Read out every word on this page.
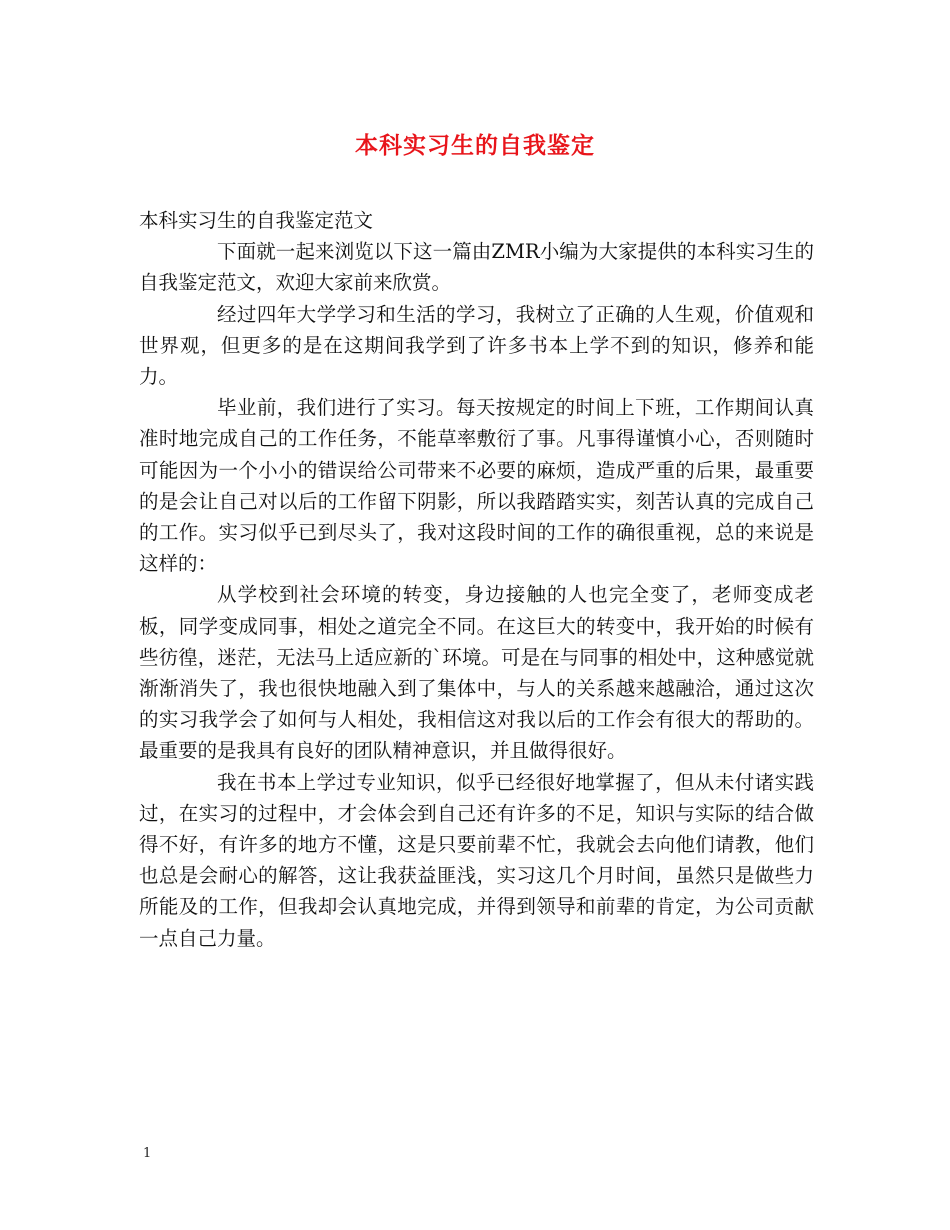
本科实习生的自我鉴定

本科实习生的自我鉴定范文

下面就一起来浏览以下这一篇由ZMR小编为大家提供的本科实习生的自我鉴定范文，欢迎大家前来欣赏。

经过四年大学学习和生活的学习，我树立了正确的人生观，价值观和世界观，但更多的是在这期间我学到了许多书本上学不到的知识，修养和能力。

毕业前，我们进行了实习。每天按规定的时间上下班，工作期间认真准时地完成自己的工作任务，不能草率敷衍了事。凡事得谨慎小心，否则随时可能因为一个小小的错误给公司带来不必要的麻烦，造成严重的后果，最重要的是会让自己对以后的工作留下阴影，所以我踏踏实实，刻苦认真的完成自己的工作。实习似乎已到尽头了，我对这段时间的工作的确很重视，总的来说是这样的：

从学校到社会环境的转变，身边接触的人也完全变了，老师变成老板，同学变成同事，相处之道完全不同。在这巨大的转变中，我开始的时候有些彷徨，迷茫，无法马上适应新的`环境。可是在与同事的相处中，这种感觉就渐渐消失了，我也很快地融入到了集体中，与人的关系越来越融洽，通过这次的实习我学会了如何与人相处，我相信这对我以后的工作会有很大的帮助的。最重要的是我具有良好的团队精神意识，并且做得很好。

我在书本上学过专业知识，似乎已经很好地掌握了，但从未付诸实践过，在实习的过程中，才会体会到自己还有许多的不足，知识与实际的结合做得不好，有许多的地方不懂，这是只要前辈不忙，我就会去向他们请教，他们也总是会耐心的解答，这让我获益匪浅，实习这几个月时间，虽然只是做些力所能及的工作，但我却会认真地完成，并得到领导和前辈的肯定，为公司贡献一点自己力量。

1
